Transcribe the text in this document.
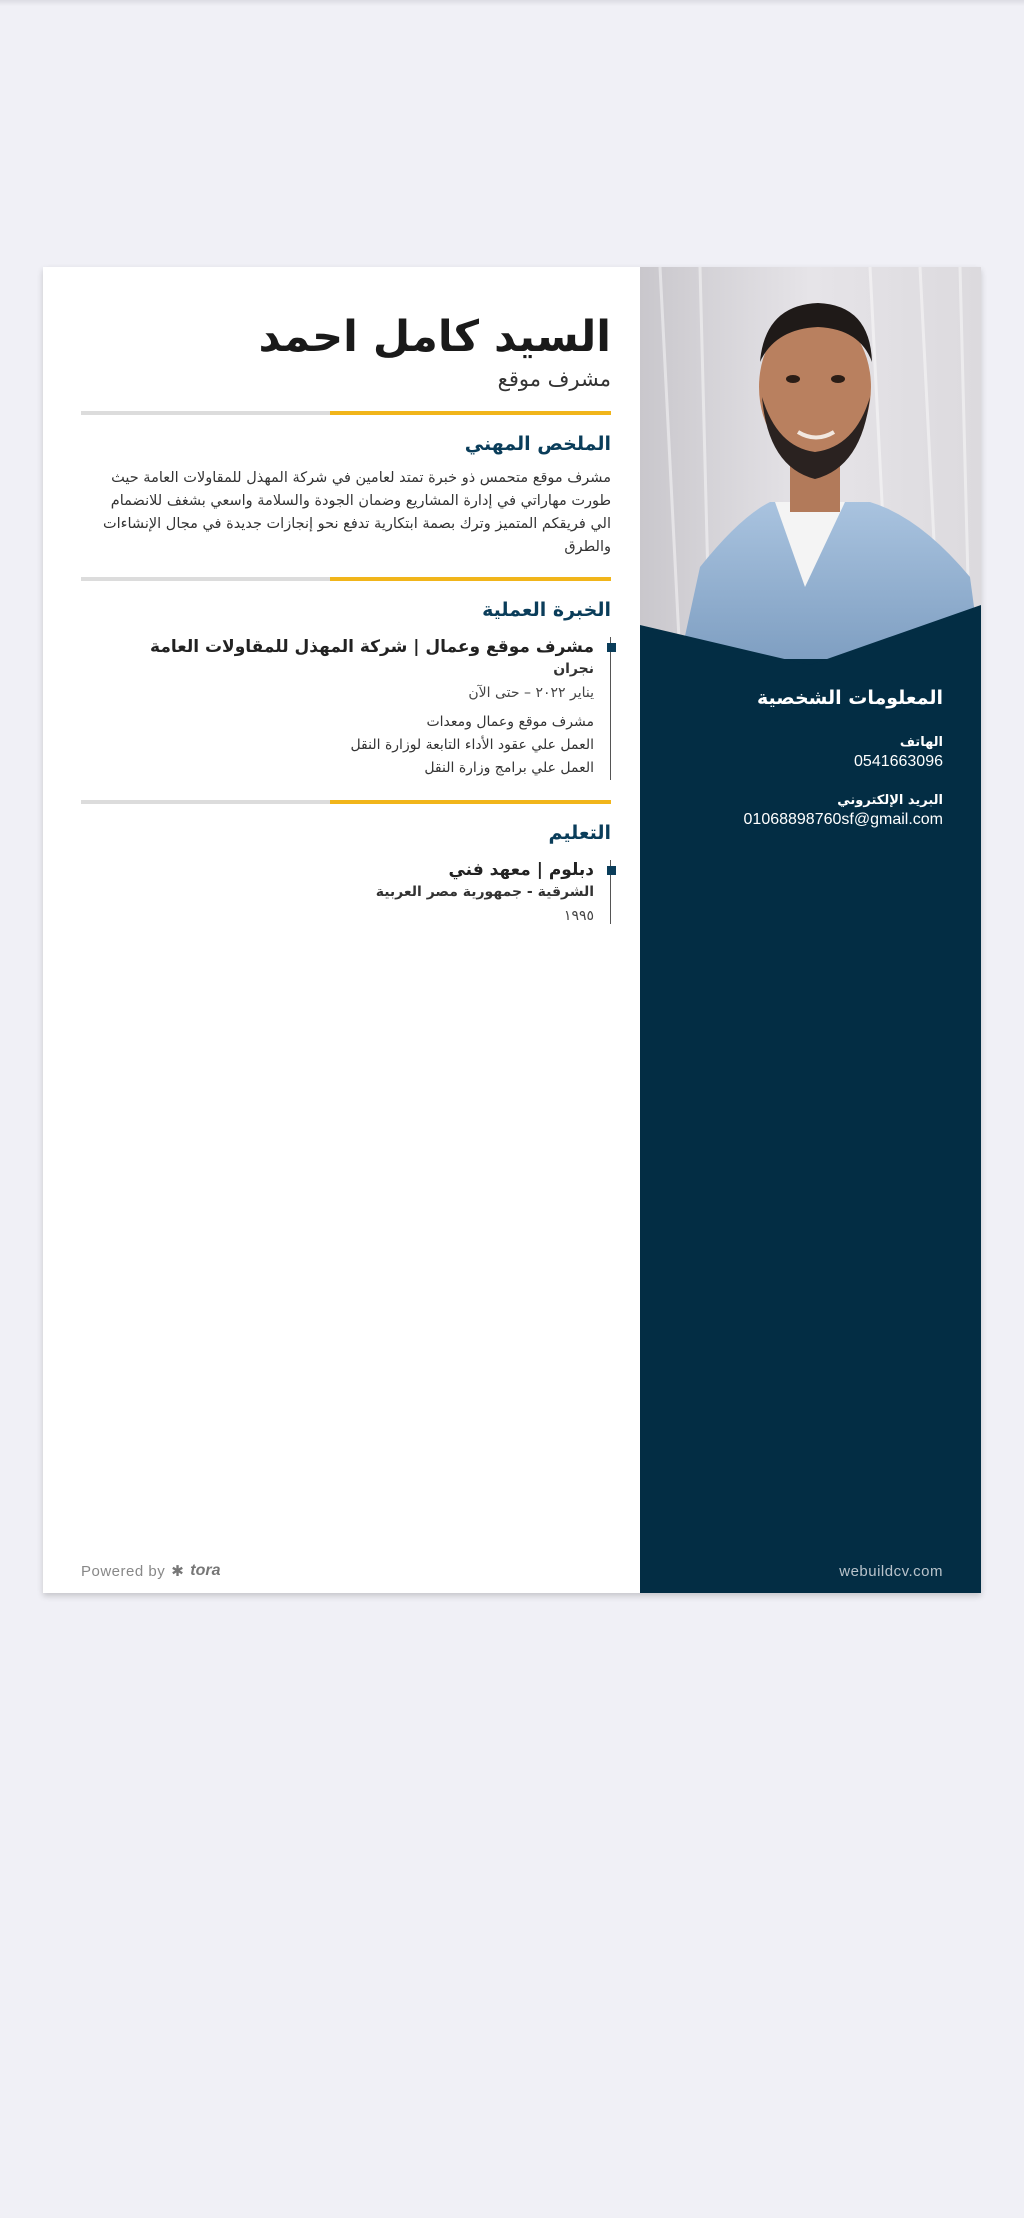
السيد كامل احمد
مشرف موقع
الملخص المهني
مشرف موقع متحمس ذو خبرة تمتد لعامين في شركة المهذل للمقاولات العامة حيث طورت مهاراتي في إدارة المشاريع وضمان الجودة والسلامة واسعي بشغف للانضمام الي فريقكم المتميز وترك بصمة ابتكارية تدفع نحو إنجازات جديدة في مجال الإنشاءات والطرق
الخبرة العملية
مشرف موقع وعمال | شركة المهذل للمقاولات العامة
نجران
يناير ٢٠٢٢ – حتى الآن
مشرف موقع وعمال ومعدات
العمل علي عقود الأداء التابعة لوزارة النقل
العمل علي برامج وزارة النقل
التعليم
دبلوم | معهد فني
الشرقية - جمهورية مصر العربية
١٩٩٥
Powered by ✱ tora
المعلومات الشخصية
الهاتف
0541663096
البريد الإلكتروني
01068898760sf@gmail.com
webuildcv.com
